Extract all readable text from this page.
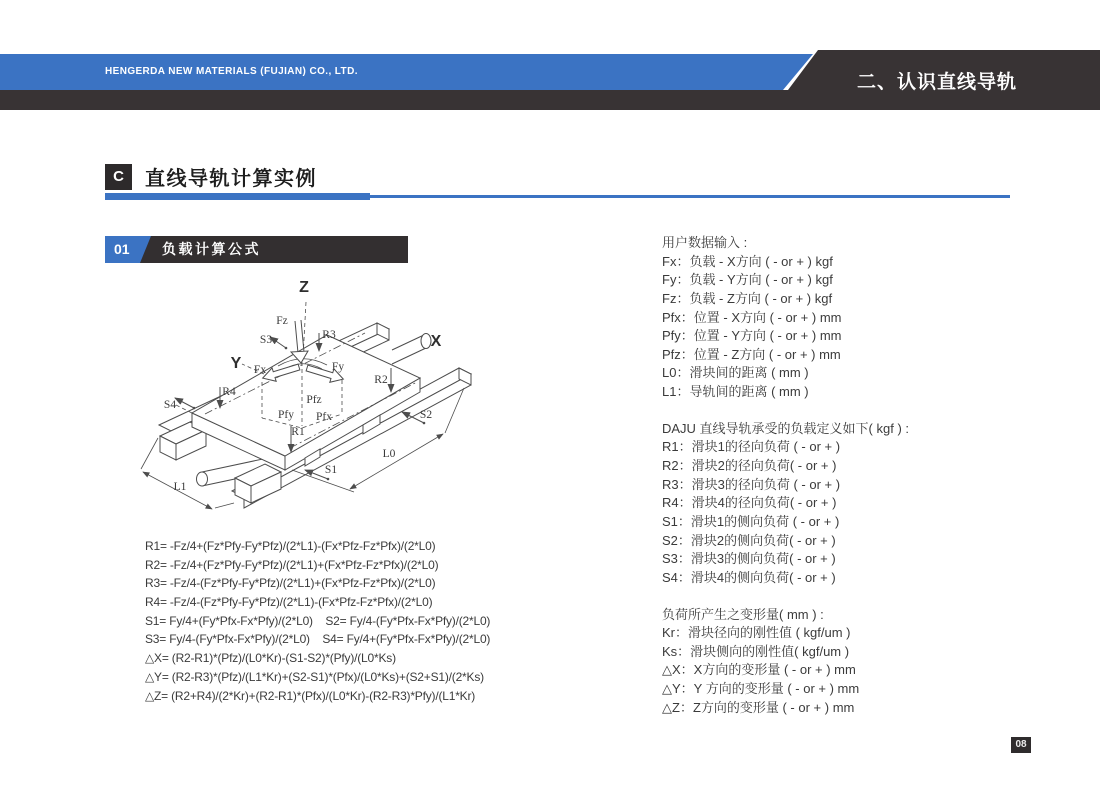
HENGERDA NEW MATERIALS (FUJIAN) CO., LTD.
二、认识直线导轨
C	直线导轨计算实例
01 负载计算公式
Z
X
Y
Fz
Fx	Fy
S3	R3
R2
R4
S4	Pfz
Pfy Pfx
R1
S1
S2
L0
L1
R1= -Fz/4+(Fz*Pfy-Fy*Pfz)/(2*L1)-(Fx*Pfz-Fz*Pfx)/(2*L0)
R2= -Fz/4+(Fz*Pfy-Fy*Pfz)/(2*L1)+(Fx*Pfz-Fz*Pfx)/(2*L0)
R3= -Fz/4-(Fz*Pfy-Fy*Pfz)/(2*L1)+(Fx*Pfz-Fz*Pfx)/(2*L0)
R4= -Fz/4-(Fz*Pfy-Fy*Pfz)/(2*L1)-(Fx*Pfz-Fz*Pfx)/(2*L0)
S1= Fy/4+(Fy*Pfx-Fx*Pfy)/(2*L0)    S2= Fy/4-(Fy*Pfx-Fx*Pfy)/(2*L0)
S3= Fy/4-(Fy*Pfx-Fx*Pfy)/(2*L0)    S4= Fy/4+(Fy*Pfx-Fx*Pfy)/(2*L0)
△X= (R2-R1)*(Pfz)/(L0*Kr)-(S1-S2)*(Pfy)/(L0*Ks)
△Y= (R2-R3)*(Pfz)/(L1*Kr)+(S2-S1)*(Pfx)/(L0*Ks)+(S2+S1)/(2*Ks)
△Z= (R2+R4)/(2*Kr)+(R2-R1)*(Pfx)/(L0*Kr)-(R2-R3)*Pfy)/(L1*Kr)
用户数据输入 :
Fx：负载 - X方向 ( - or + ) kgf
Fy：负载 - Y方向 ( - or + ) kgf
Fz：负载 - Z方向 ( - or + ) kgf
Pfx：位置 - X方向 ( - or + ) mm
Pfy：位置 - Y方向 ( - or + ) mm
Pfz：位置 - Z方向 ( - or + ) mm
L0：滑块间的距离 ( mm )
L1：导轨间的距离 ( mm )
DAJU 直线导轨承受的负载定义如下( kgf ) :
R1：滑块1的径向负荷 ( - or + )
R2：滑块2的径向负荷( - or + )
R3：滑块3的径向负荷 ( - or + )
R4：滑块4的径向负荷( - or + )
S1：滑块1的侧向负荷 ( - or + )
S2：滑块2的侧向负荷( - or + )
S3：滑块3的侧向负荷( - or + )
S4：滑块4的侧向负荷( - or + )
负荷所产生之变形量( mm ) :
Kr：滑块径向的刚性值 ( kgf/um )
Ks：滑块侧向的刚性值( kgf/um )
△X：X方向的变形量 ( - or + ) mm
△Y：Y 方向的变形量 ( - or + ) mm
△Z：Z方向的变形量 ( - or + ) mm
08
